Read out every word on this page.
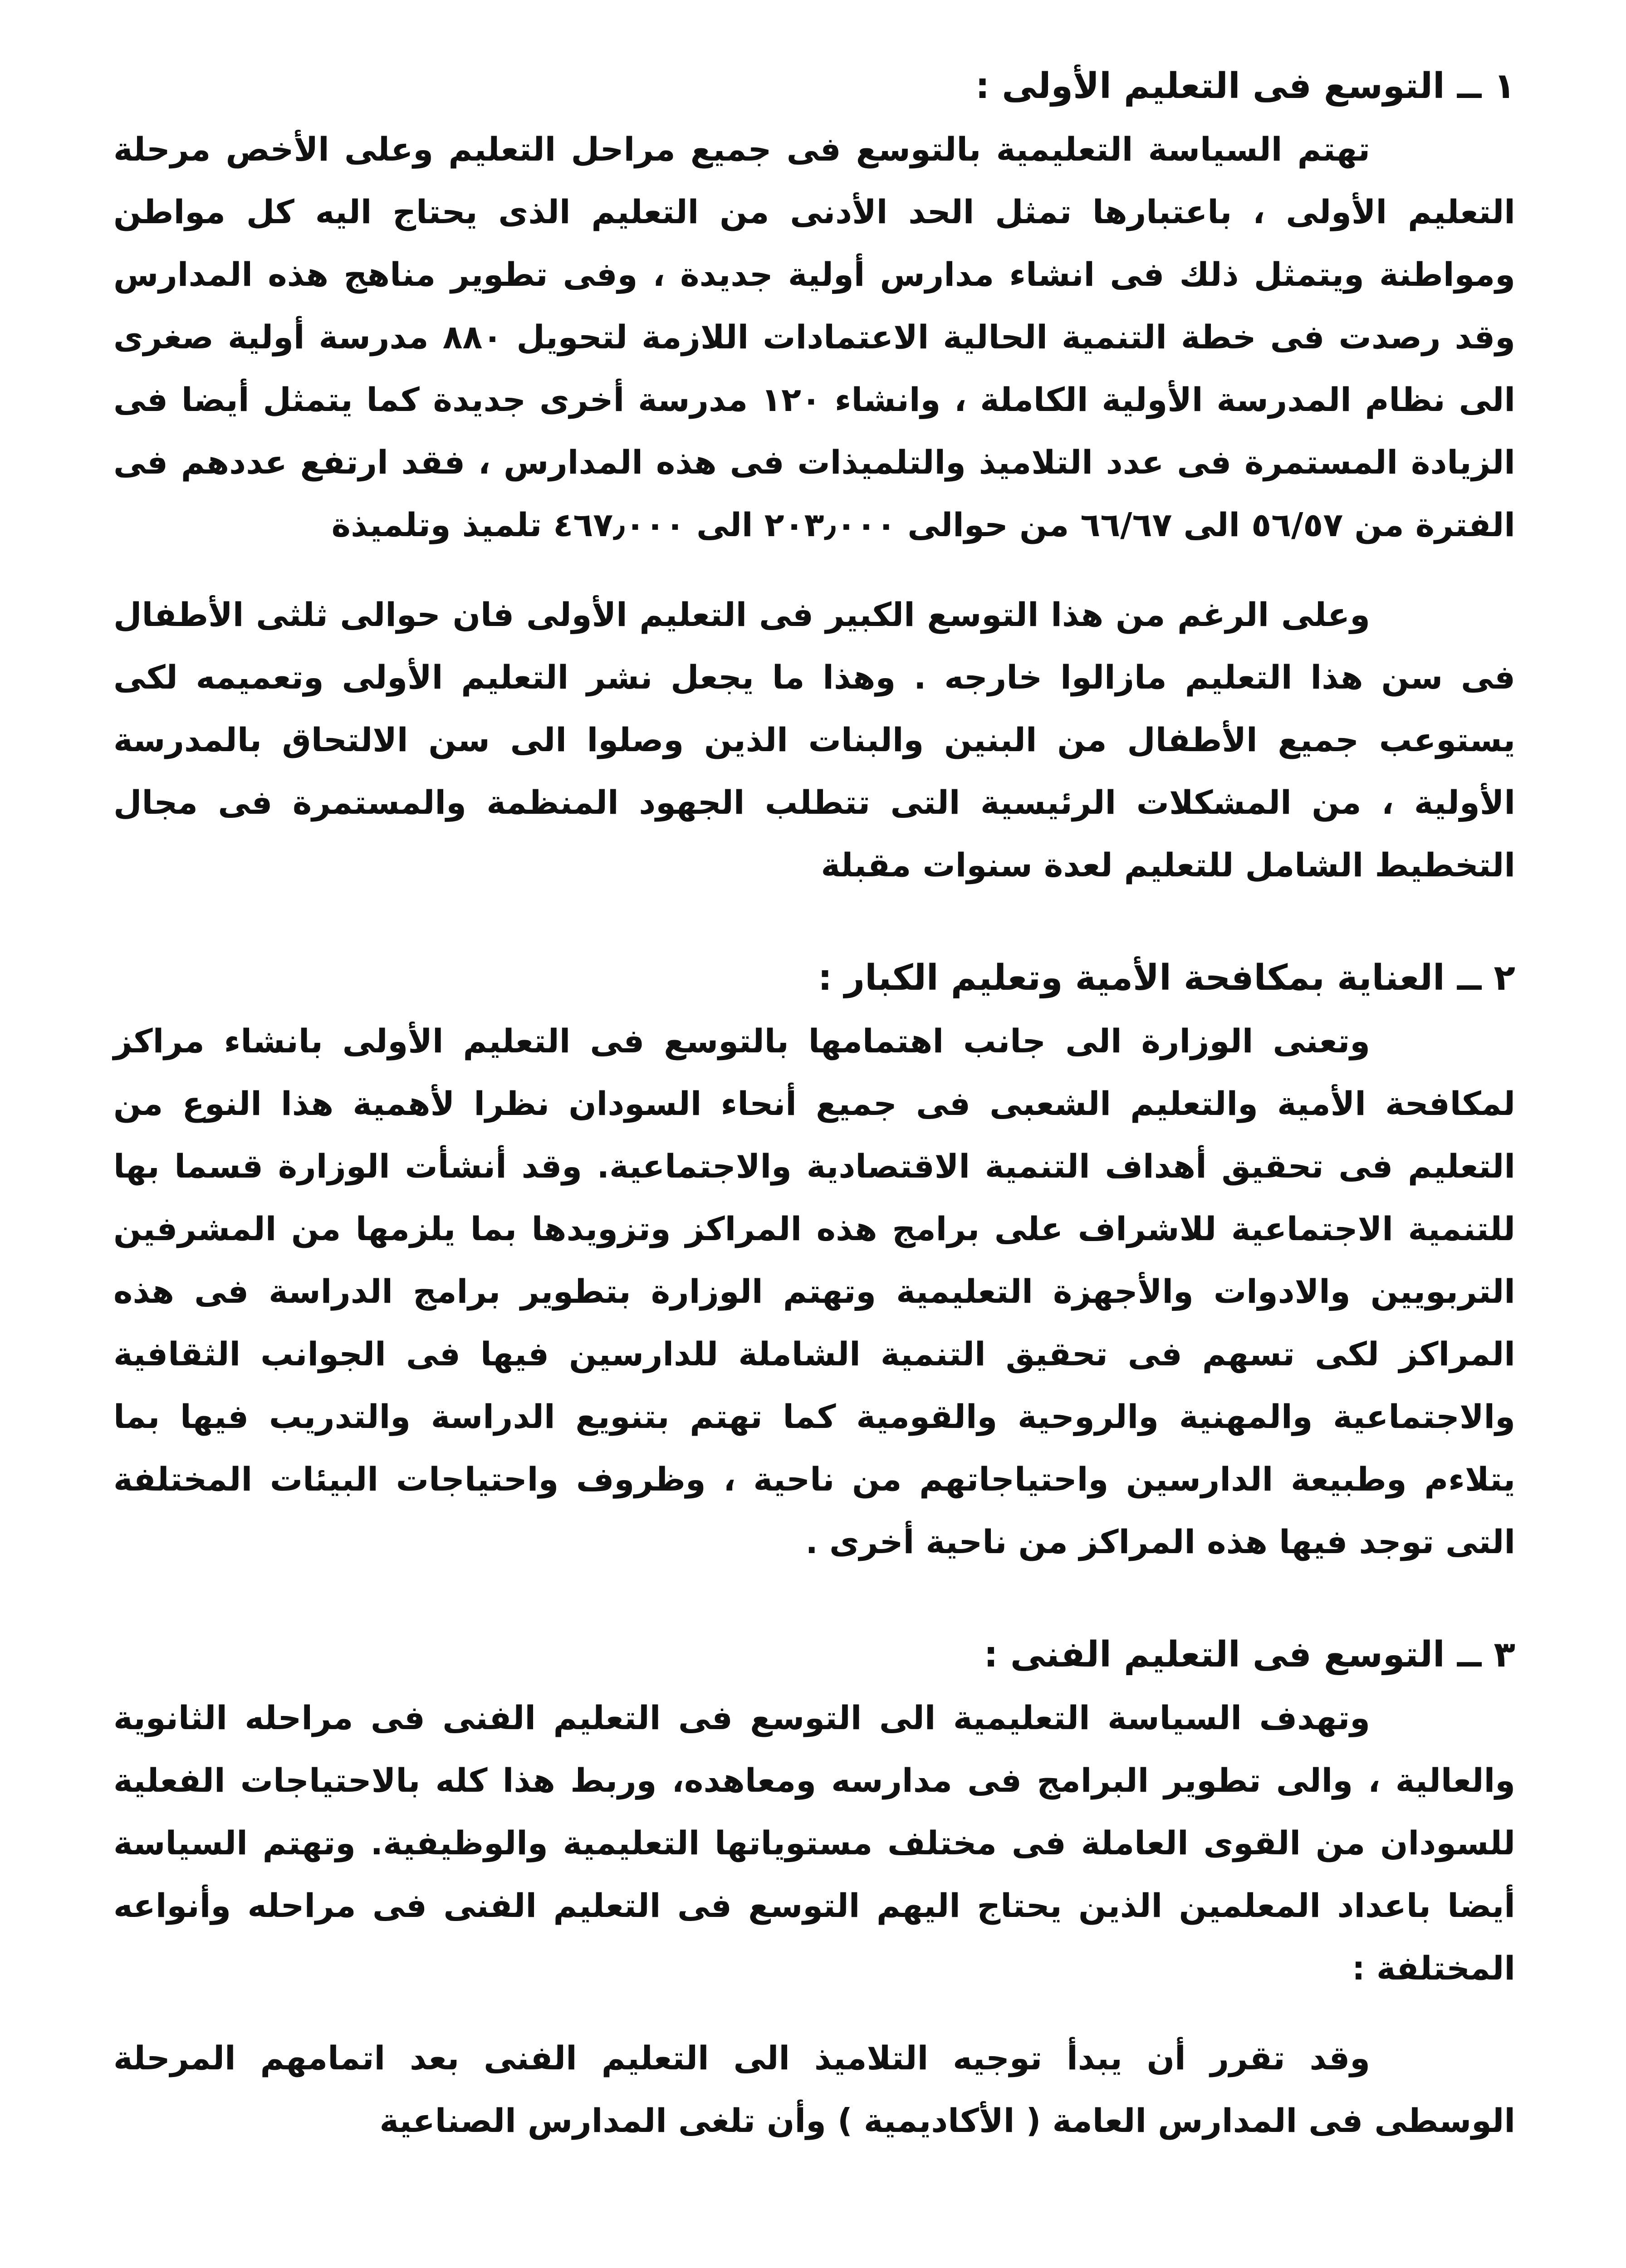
١ ــ التوسع فى التعليم الأولى :

تهتم السياسة التعليمية بالتوسع فى جميع مراحل التعليم وعلى الأخص مرحلة التعليم الأولى ، باعتبارها تمثل الحد الأدنى من التعليم الذى يحتاج اليه كل مواطن ومواطنة ويتمثل ذلك فى انشاء مدارس أولية جديدة ، وفى تطوير مناهج هذه المدارس وقد رصدت فى خطة التنمية الحالية الاعتمادات اللازمة لتحويل ٨٨٠ مدرسة أولية صغرى الى نظام المدرسة الأولية الكاملة ، وانشاء ١٢٠ مدرسة أخرى جديدة كما يتمثل أيضا فى الزيادة المستمرة فى عدد التلاميذ والتلميذات فى هذه المدارس ، فقد ارتفع عددهم فى الفترة من ٥٦/٥٧ الى ٦٦/٦٧ من حوالى ٢٠٣٫٠٠٠ الى ٤٦٧٫٠٠٠ تلميذ وتلميذة

وعلى الرغم من هذا التوسع الكبير فى التعليم الأولى فان حوالى ثلثى الأطفال فى سن هذا التعليم مازالوا خارجه . وهذا ما يجعل نشر التعليم الأولى وتعميمه لكى يستوعب جميع الأطفال من البنين والبنات الذين وصلوا الى سن الالتحاق بالمدرسة الأولية ، من المشكلات الرئيسية التى تتطلب الجهود المنظمة والمستمرة فى مجال التخطيط الشامل للتعليم لعدة سنوات مقبلة

٢ ــ العناية بمكافحة الأمية وتعليم الكبار :

وتعنى الوزارة الى جانب اهتمامها بالتوسع فى التعليم الأولى بانشاء مراكز لمكافحة الأمية والتعليم الشعبى فى جميع أنحاء السودان نظرا لأهمية هذا النوع من التعليم فى تحقيق أهداف التنمية الاقتصادية والاجتماعية. وقد أنشأت الوزارة قسما بها للتنمية الاجتماعية للاشراف على برامج هذه المراكز وتزويدها بما يلزمها من المشرفين التربويين والادوات والأجهزة التعليمية وتهتم الوزارة بتطوير برامج الدراسة فى هذه المراكز لكى تسهم فى تحقيق التنمية الشاملة للدارسين فيها فى الجوانب الثقافية والاجتماعية والمهنية والروحية والقومية كما تهتم بتنويع الدراسة والتدريب فيها بما يتلاءم وطبيعة الدارسين واحتياجاتهم من ناحية ، وظروف واحتياجات البيئات المختلفة التى توجد فيها هذه المراكز من ناحية أخرى .

٣ ــ التوسع فى التعليم الفنى :

وتهدف السياسة التعليمية الى التوسع فى التعليم الفنى فى مراحله الثانوية والعالية ، والى تطوير البرامج فى مدارسه ومعاهده، وربط هذا كله بالاحتياجات الفعلية للسودان من القوى العاملة فى مختلف مستوياتها التعليمية والوظيفية. وتهتم السياسة أيضا باعداد المعلمين الذين يحتاج اليهم التوسع فى التعليم الفنى فى مراحله وأنواعه المختلفة :

وقد تقرر أن يبدأ توجيه التلاميذ الى التعليم الفنى بعد اتمامهم المرحلة الوسطى فى المدارس العامة ( الأكاديمية ) وأن تلغى المدارس الصناعية
